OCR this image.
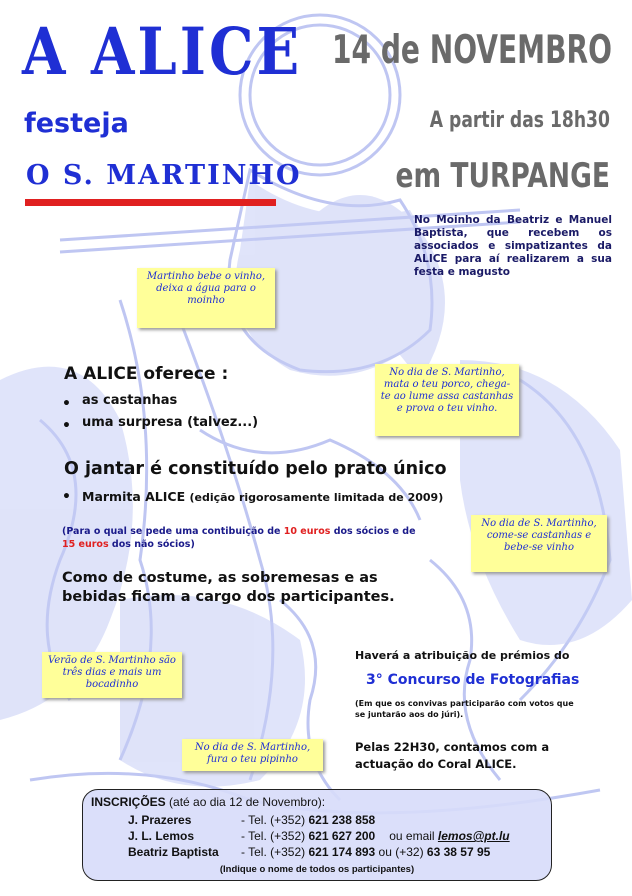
A ALICE
festeja
O S. MARTINHO
14 de NOVEMBRO
A partir das 18h30
em TURPANGE
No Moinho da Beatriz e Manuel Baptista, que recebem os associados e simpatizantes da ALICE para aí realizarem a sua festa e magusto
Martinho bebe o vinho, deixa a água para o moinho
No dia de S. Martinho, mata o teu porco, chega-te ao lume assa castanhas e prova o teu vinho.
No dia de S. Martinho, come-se castanhas e bebe-se vinho
Verão de S. Martinho são três dias e mais um bocadinho
No dia de S. Martinho, fura o teu pipinho
A ALICE oferece :
• as castanhas
• uma surpresa (talvez...)
O jantar é constituído pelo prato único
• Marmita ALICE (edição rigorosamente limitada de 2009)
(Para o qual se pede uma contibuição de 10 euros dos sócios e de 15 euros dos não sócios)
Como de costume, as sobremesas e as bebidas ficam a cargo dos participantes.
Haverá a atribuição de prémios do
3° Concurso de Fotografias
(Em que os convivas participarão com votos que se juntarão aos do júri).
Pelas 22H30, contamos com a actuação do Coral ALICE.
INSCRIÇÕES (até ao dia 12 de Novembro):
J. Prazeres	- Tel. (+352) 621 238 858
J. L. Lemos	- Tel. (+352) 621 627 200 ou email lemos@pt.lu
Beatriz Baptista - Tel. (+352) 621 174 893 ou (+32) 63 38 57 95
(Indique o nome de todos os participantes)
